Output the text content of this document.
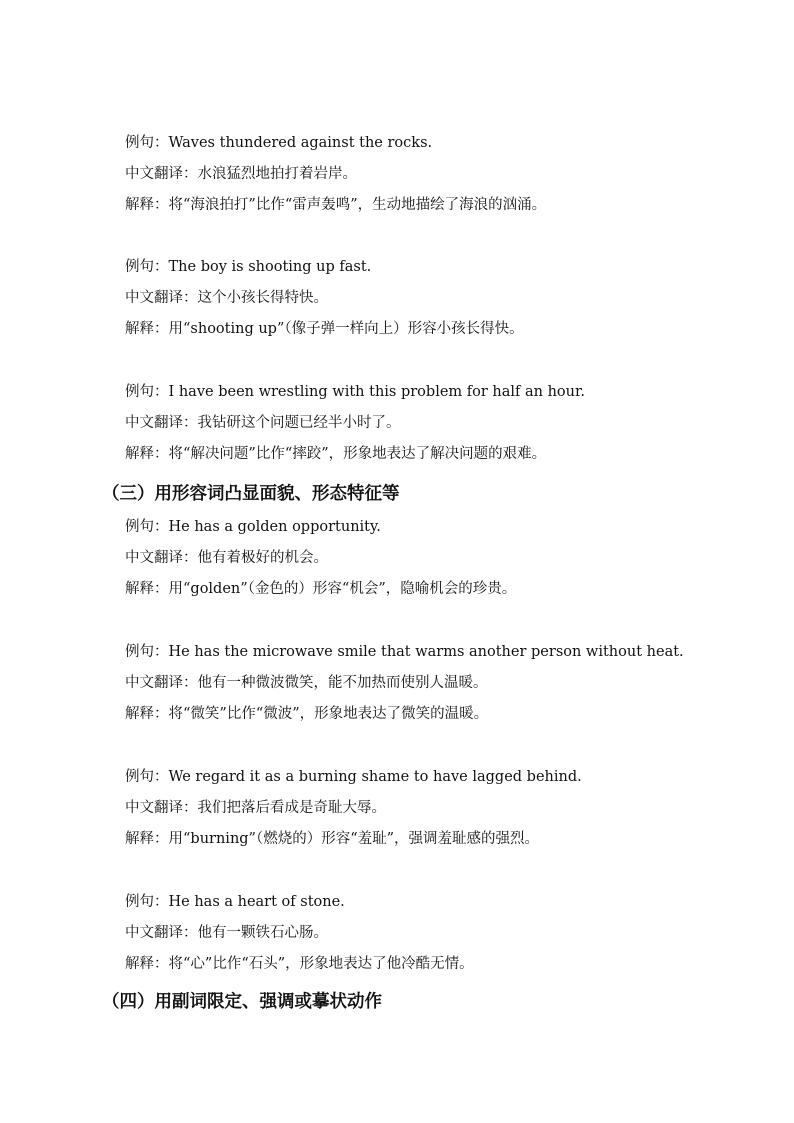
例句：Waves thundered against the rocks.
中文翻译：水浪猛烈地拍打着岩岸。
解释：将“海浪拍打”比作“雷声轰鸣”，生动地描绘了海浪的汹涌。
例句：The boy is shooting up fast.
中文翻译：这个小孩长得特快。
解释：用“shooting up”（像子弹一样向上）形容小孩长得快。
例句：I have been wrestling with this problem for half an hour.
中文翻译：我钻研这个问题已经半小时了。
解释：将“解决问题”比作“摔跤”，形象地表达了解决问题的艰难。
（三）用形容词凸显面貌、形态特征等
例句：He has a golden opportunity.
中文翻译：他有着极好的机会。
解释：用“golden”（金色的）形容“机会”，隐喻机会的珍贵。
例句：He has the microwave smile that warms another person without heat.
中文翻译：他有一种微波微笑，能不加热而使别人温暖。
解释：将“微笑”比作“微波”，形象地表达了微笑的温暖。
例句：We regard it as a burning shame to have lagged behind.
中文翻译：我们把落后看成是奇耻大辱。
解释：用“burning”（燃烧的）形容“羞耻”，强调羞耻感的强烈。
例句：He has a heart of stone.
中文翻译：他有一颗铁石心肠。
解释：将“心”比作“石头”，形象地表达了他冷酷无情。
（四）用副词限定、强调或摹状动作
